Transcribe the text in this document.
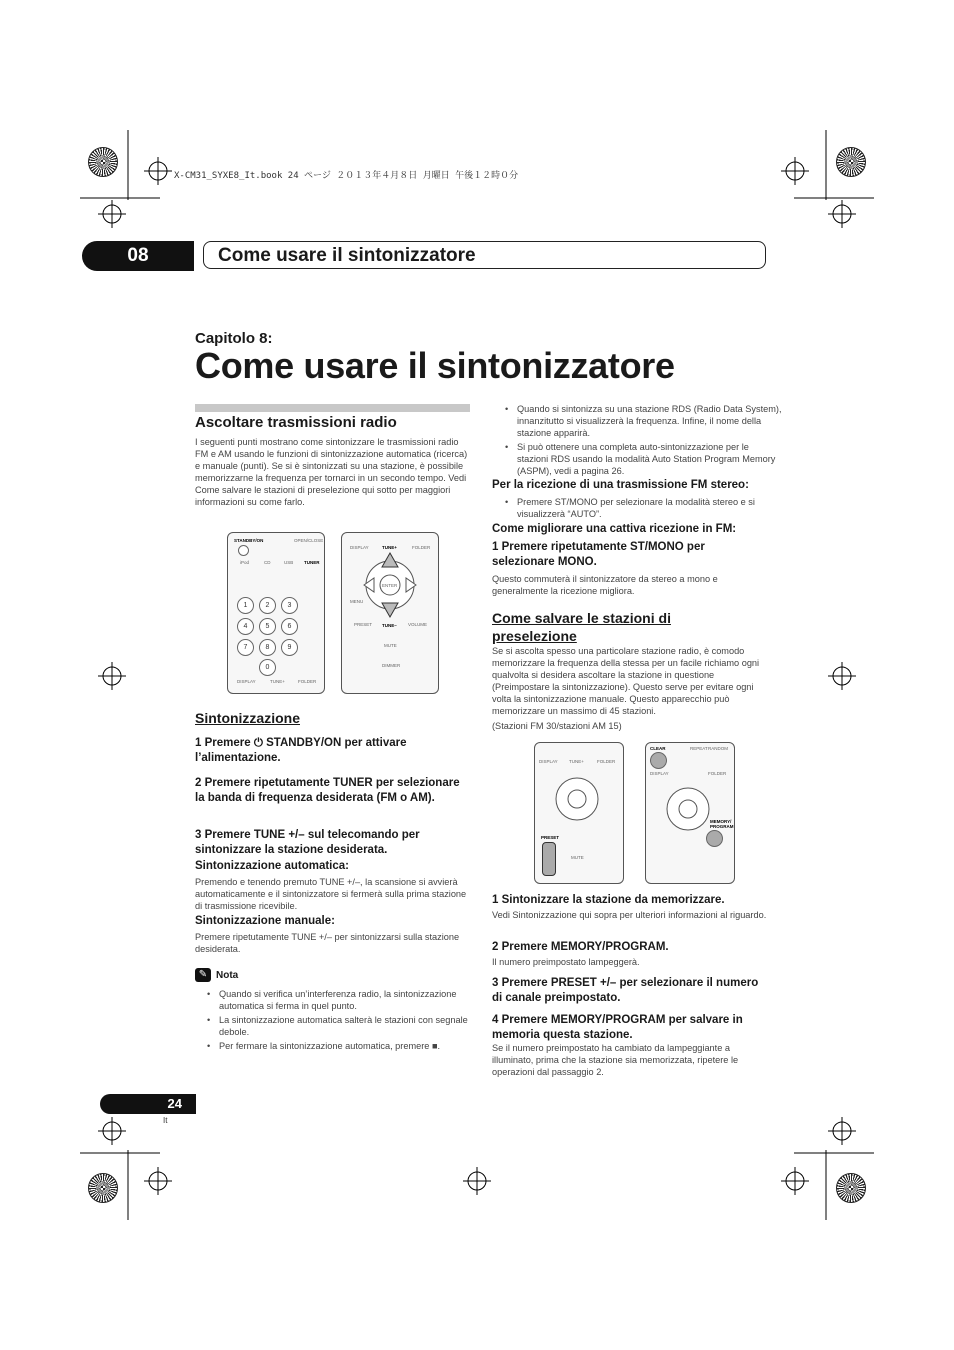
X-CM31_SYXE8_It.book 24 ページ ２０１３年４月８日 月曜日 午後１２時０分
08	Come usare il sintonizzatore
Capitolo 8:
Come usare il sintonizzatore
Ascoltare trasmissioni radio
I seguenti punti mostrano come sintonizzare le trasmissioni radio FM e AM usando le funzioni di sintonizzazione automatica (ricerca) e manuale (punti). Se si è sintonizzati su una stazione, è possibile memorizzarne la frequenza per tornarci in un secondo tempo. Vedi Come salvare le stazioni di preselezione qui sotto per maggiori informazioni su come farlo.
STANDBY/ON	OPEN/CLOSE
iPod	CD	USB TUNER
1	2	3
4	5	6
7	8	9
0
DISPLAY	TUNE+	FOLDER
DISPLAY	TUNE+	FOLDER
ENTER
MENU
TUNE–
PRESET	VOLUME
MUTE
DIMMER
Sintonizzazione
1 Premere ⏻ STANDBY/ON per attivare l’alimentazione.
2 Premere ripetutamente TUNER per selezionare la banda di frequenza desiderata (FM o AM).
3 Premere TUNE +/– sul telecomando per sintonizzare la stazione desiderata.
Sintonizzazione automatica:
Premendo e tenendo premuto TUNE +/–, la scansione si avvierà automaticamente e il sintonizzatore si fermerà sulla prima stazione di trasmissione ricevibile.
Sintonizzazione manuale:
Premere ripetutamente TUNE +/– per sintonizzarsi sulla stazione desiderata.
✎ Nota
• Quando si verifica un’interferenza radio, la sintonizzazione automatica si ferma in quel punto.
• La sintonizzazione automatica salterà le stazioni con segnale debole.
• Per fermare la sintonizzazione automatica, premere ■.
• Quando si sintonizza su una stazione RDS (Radio Data System), innanzitutto si visualizzerà la frequenza. Infine, il nome della stazione apparirà.
• Si può ottenere una completa auto-sintonizzazione per le stazioni RDS usando la modalità Auto Station Program Memory (ASPM), vedi a pagina 26.
Per la ricezione di una trasmissione FM stereo:
• Premere ST/MONO per selezionare la modalità stereo e si visualizzerà “AUTO”.
Come migliorare una cattiva ricezione in FM:
1 Premere ripetutamente ST/MONO per selezionare MONO.
Questo commuterà il sintonizzatore da stereo a mono e generalmente la ricezione migliora.
Come salvare le stazioni di preselezione
Se si ascolta spesso una particolare stazione radio, è comodo memorizzare la frequenza della stessa per un facile richiamo ogni qualvolta si desidera ascoltare la stazione in questione (Preimpostare la sintonizzazione). Questo serve per evitare ogni volta la sintonizzazione manuale. Questo apparecchio può memorizzare un massimo di 45 stazioni.
(Stazioni FM 30/stazioni AM 15)
DISPLAY	TUNE+	FOLDER
PRESET
MUTE
CLEAR	REPEAT RANDOM
DISPLAY	FOLDER
MEMORY/ PROGRAM
1 Sintonizzare la stazione da memorizzare.
Vedi Sintonizzazione qui sopra per ulteriori informazioni al riguardo.
2 Premere MEMORY/PROGRAM.
Il numero preimpostato lampeggerà.
3 Premere PRESET +/– per selezionare il numero di canale preimpostato.
4 Premere MEMORY/PROGRAM per salvare in memoria questa stazione.
Se il numero preimpostato ha cambiato da lampeggiante a illuminato, prima che la stazione sia memorizzata, ripetere le operazioni dal passaggio 2.
24
It
